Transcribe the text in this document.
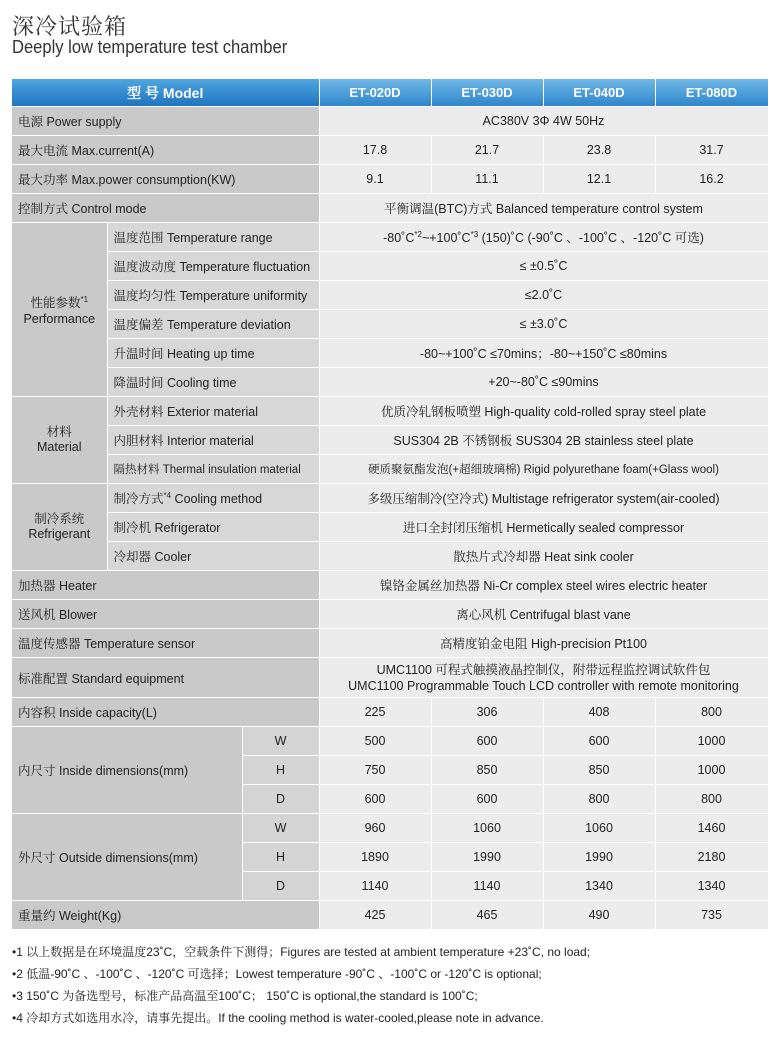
深冷试验箱
Deeply low temperature test chamber
型 号 Model			ET-020D	ET-030D	ET-040D	ET-080D
电源 Power supply			AC380V 3Φ 4W 50Hz			
最大电流 Max.current(A)			17.8	21.7	23.8	31.7
最大功率 Max.power consumption(KW)			9.1	11.1	12.1	16.2
控制方式 Control mode			平衡调温(BTC)方式 Balanced temperature control system			
性能参数$^{*1}$
Performance	温度范围 Temperature range		$-80˚C^{*2}\sim+100˚C^{*3}$ (150)˚C (-90˚C 、-100˚C 、-120˚C 可选)			
	温度波动度 Temperature fluctuation		≤ ±0.5˚C			
	温度均匀性 Temperature uniformity		≤2.0˚C			
	温度偏差 Temperature deviation		≤ ±3.0˚C			
	升温时间 Heating up time		-80~+100˚C ≤70mins；-80~+150˚C ≤80mins			
	降温时间 Cooling time		+20~-80˚C ≤90mins			
材料
Material	外壳材料 Exterior material		优质冷轧钢板喷塑 High-quality cold-rolled spray steel plate			
	内胆材料 Interior material		SUS304 2B 不锈钢板 SUS304 2B stainless steel plate			
	隔热材料 Thermal insulation material		硬质聚氨酯发泡(+超细玻璃棉) Rigid polyurethane foam(+Glass wool)			
制冷系统
Refrigerant	制冷方式$^{*4}$ Cooling method		多级压缩制冷(空冷式) Multistage refrigerator system(air-cooled)			
	制冷机 Refrigerator		进口全封闭压缩机 Hermetically sealed compressor			
	冷却器 Cooler		散热片式冷却器 Heat sink cooler			
加热器 Heater			镍铬金属丝加热器 Ni-Cr complex steel wires electric heater			
送风机 Blower			离心风机 Centrifugal blast vane			
温度传感器 Temperature sensor			高精度铂金电阻 High-precision Pt100			
标准配置 Standard equipment			UMC1100 可程式触摸液晶控制仪，附带远程监控调试软件包
UMC1100 Programmable Touch LCD controller with remote monitoring			

内容积 Inside capacity(L)			225	306	408	800
内尺寸 Inside dimensions(mm)		W	500	600	600	1000
		H	750	850	850	1000
		D	600	600	800	800
外尺寸 Outside dimensions(mm)		W	960	1060	1060	1460
		H	1890	1990	1990	2180
		D	1140	1140	1340	1340
重量约 Weight(Kg)			425	465	490	735
•1 以上数据是在环境温度23˚C，空载条件下测得；Figures are tested at ambient temperature +23˚C, no load;
•2 低温-90˚C 、-100˚C 、-120˚C 可选择；Lowest temperature -90˚C 、-100˚C or -120˚C is optional;
•3 150˚C 为备选型号，标准产品高温至100˚C； 150˚C is optional,the standard is 100˚C;
•4 冷却方式如选用水冷，请事先提出。If the cooling method is water-cooled,please note in advance.
